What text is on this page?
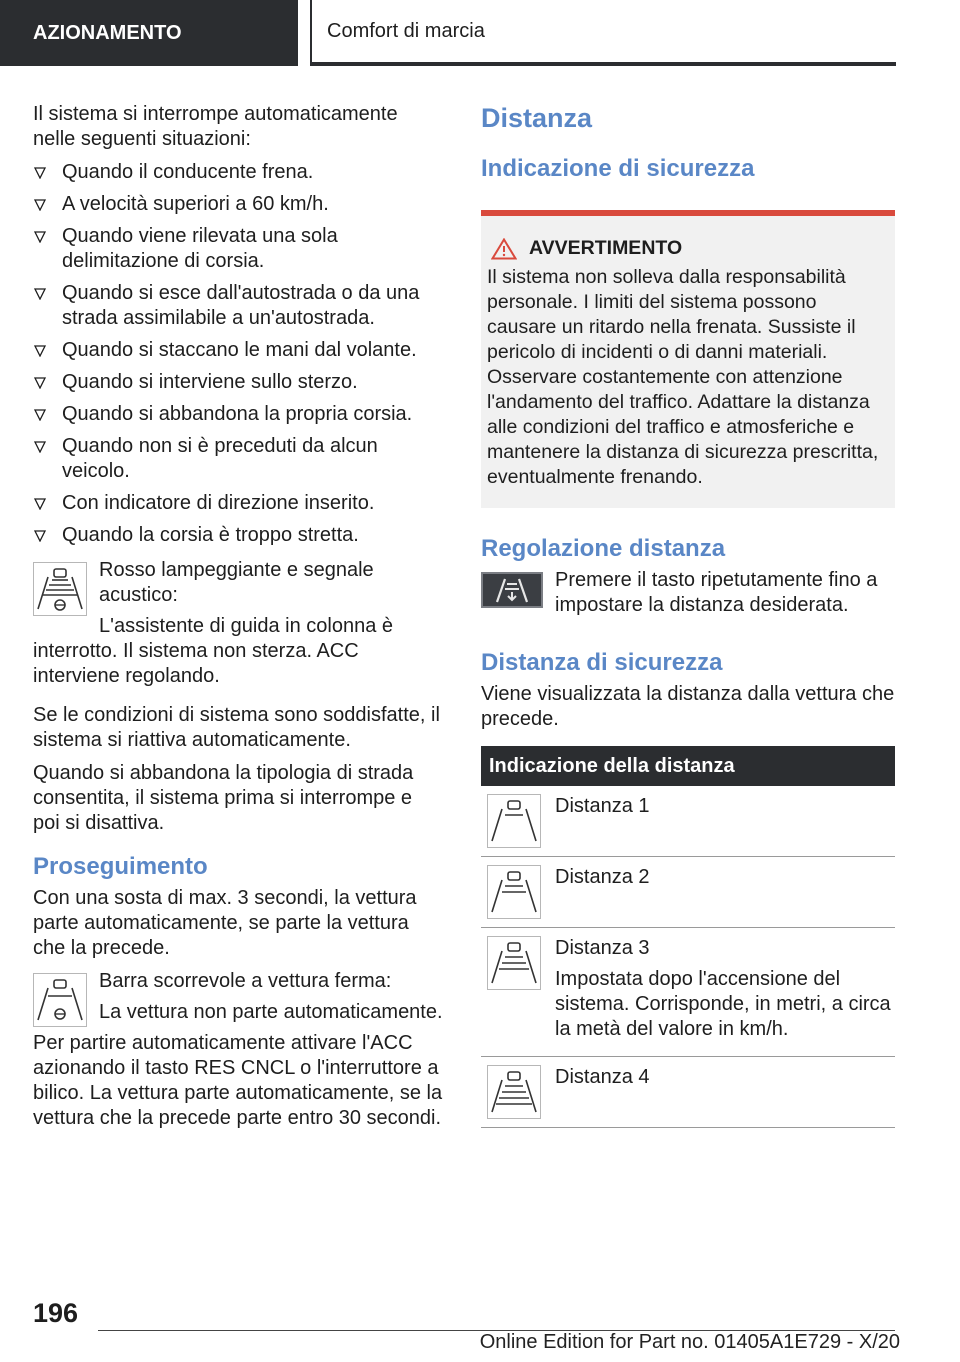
AZIONAMENTO	Comfort di marcia

Il sistema si interrompe automaticamente nelle seguenti situazioni:

Quando il conducente frena.
A velocità superiori a 60 km/h.
Quando viene rilevata una sola delimitazione di corsia.
Quando si esce dall'autostrada o da una strada assimilabile a un'autostrada.
Quando si staccano le mani dal volante.
Quando si interviene sullo sterzo.
Quando si abbandona la propria corsia.
Quando non si è preceduti da alcun veicolo.
Con indicatore di direzione inserito.
Quando la corsia è troppo stretta.

Rosso lampeggiante e segnale acustico:

L'assistente di guida in colonna è interrotto. Il sistema non sterza. ACC interviene regolando.

Se le condizioni di sistema sono soddisfatte, il sistema si riattiva automaticamente.

Quando si abbandona la tipologia di strada consentita, il sistema prima si interrompe e poi si disattiva.

Proseguimento

Con una sosta di max. 3 secondi, la vettura parte automaticamente, se parte la vettura che la precede.

Barra scorrevole a vettura ferma:

La vettura non parte automaticamente.

Per partire automaticamente attivare l'ACC azionando il tasto RES CNCL o l'interruttore a bilico. La vettura parte automaticamente, se la vettura che la precede parte entro 30 secondi.

Distanza
Indicazione di sicurezza
AVVERTIMENTO
Il sistema non solleva dalla responsabilità personale. I limiti del sistema possono causare un ritardo nella frenata. Sussiste il pericolo di incidenti o di danni materiali. Osservare costantemente con attenzione l'andamento del traffico. Adattare la distanza alle condizioni del traffico e atmosferiche e mantenere la distanza di sicurezza prescritta, eventualmente frenando.
Regolazione distanza

Premere il tasto ripetutamente fino a impostare la distanza desiderata.

Distanza di sicurezza

Viene visualizzata la distanza dalla vettura che precede.

Indicazione della distanza

Distanza 1

Distanza 2

Distanza 3

Impostata dopo l'accensione del sistema. Corrisponde, in metri, a circa la metà del valore in km/h.

Distanza 4

196
Online Edition for Part no. 01405A1E729 - X/20
